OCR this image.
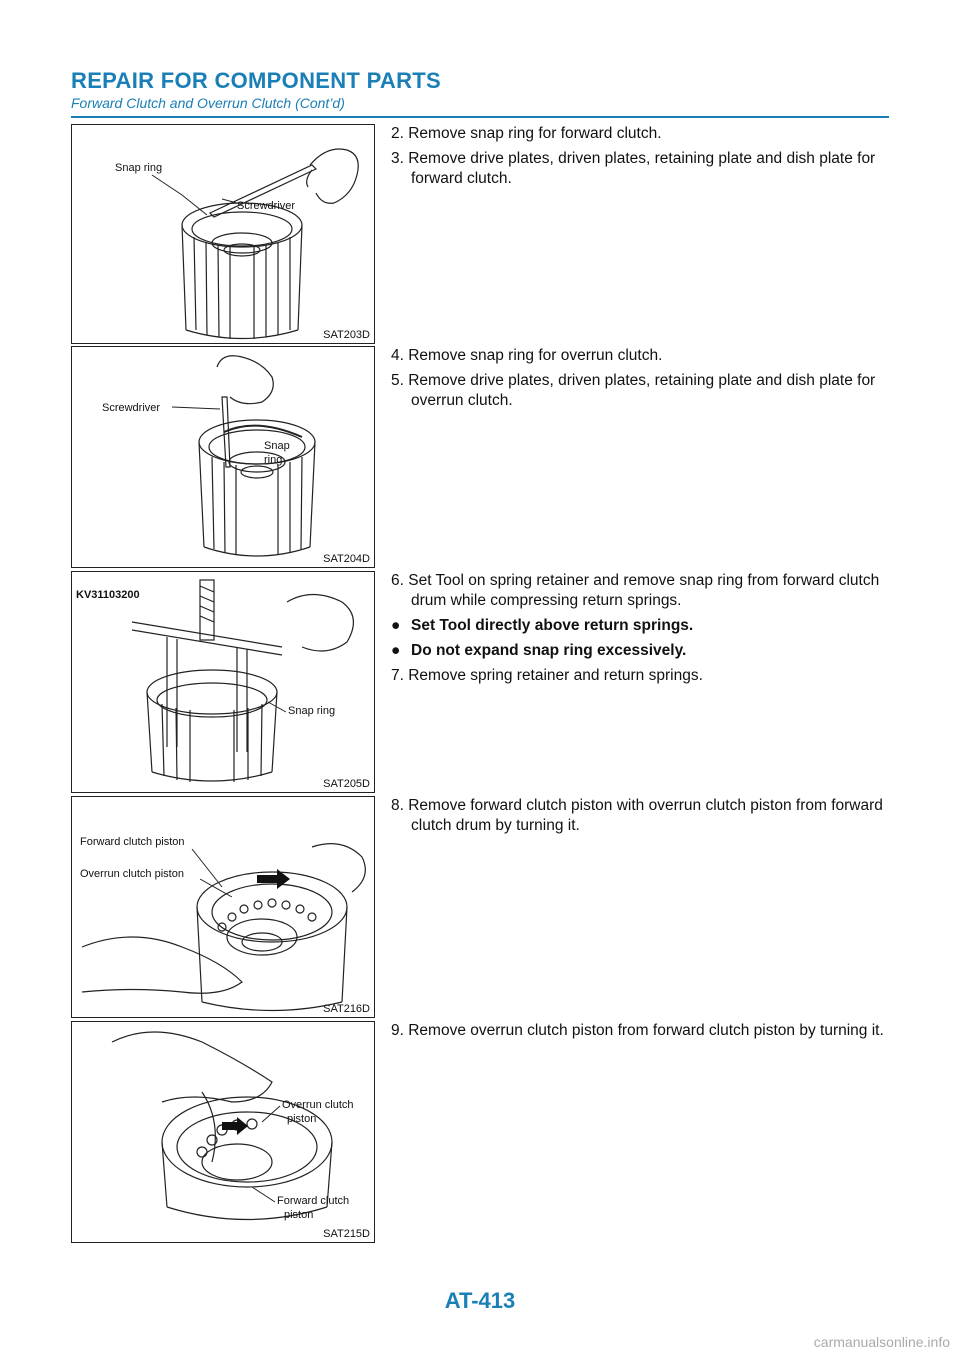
REPAIR FOR COMPONENT PARTS
Forward Clutch and Overrun Clutch (Cont’d)
Snap ring
Screwdriver
SAT203D

2. Remove snap ring for forward clutch.

3. Remove drive plates, driven plates, retaining plate and dish plate for forward clutch.

Screwdriver
Snap
ring
SAT204D

4. Remove snap ring for overrun clutch.

5. Remove drive plates, driven plates, retaining plate and dish plate for overrun clutch.

KV31103200
Snap ring
SAT205D

6. Set Tool on spring retainer and remove snap ring from forward clutch drum while compressing return springs.

● Set Tool directly above return springs.

● Do not expand snap ring excessively.

7. Remove spring retainer and return springs.

Forward clutch piston
Overrun clutch piston
SAT216D

8. Remove forward clutch piston with overrun clutch piston from forward clutch drum by turning it.

Overrun clutch
piston
Forward clutch
piston
SAT215D

9. Remove overrun clutch piston from forward clutch piston by turning it.

AT-413
carmanualsonline.info
